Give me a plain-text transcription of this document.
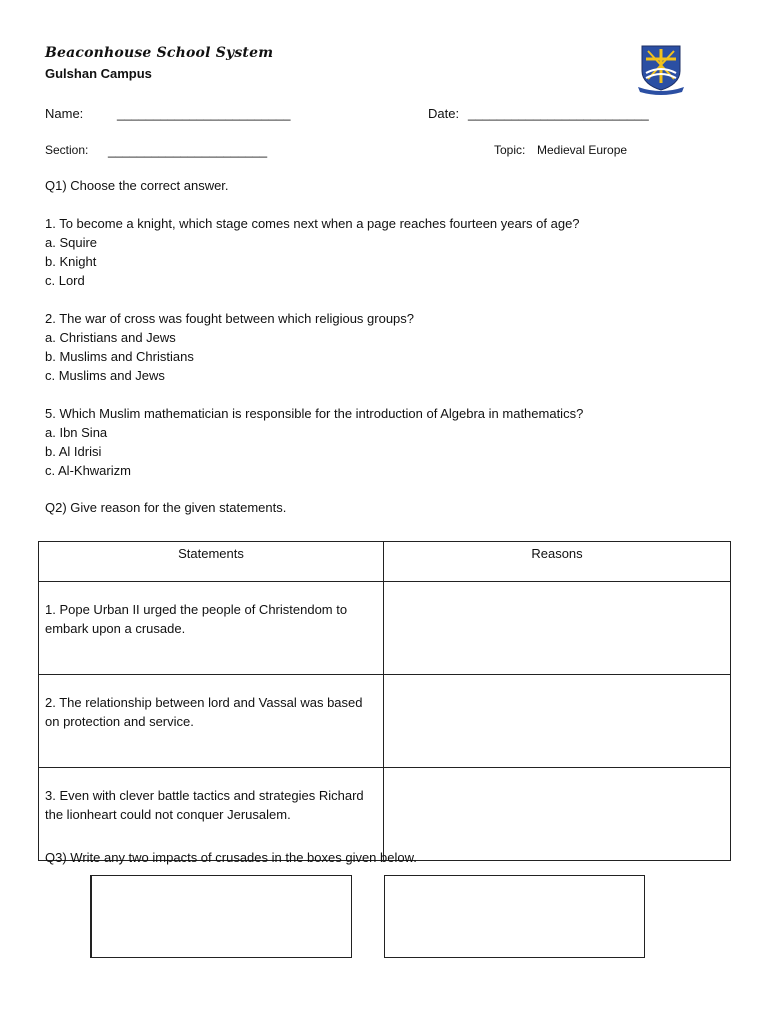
Beaconhouse School System
Gulshan Campus
Name:	________________________	Date: _________________________
Section: ______________________	Topic: Medieval Europe
Q1) Choose the correct answer.
1. To become a knight, which stage comes next when a page reaches fourteen years of age?
a. Squire
b. Knight
c. Lord
2. The war of cross was fought between which religious groups?
a. Christians and Jews
b. Muslims and Christians
c. Muslims and Jews
5. Which Muslim mathematician is responsible for the introduction of Algebra in mathematics?
a. Ibn Sina
b. Al Idrisi
c. Al-Khwarizm
Q2) Give reason for the given statements.
Statements	Reasons
1. Pope Urban II urged the people of Christendom to embark upon a crusade.	
2. The relationship between lord and Vassal was based on protection and service.	
3. Even with clever battle tactics and strategies Richard the lionheart could not conquer Jerusalem.	
Q3) Write any two impacts of crusades in the boxes given below.
